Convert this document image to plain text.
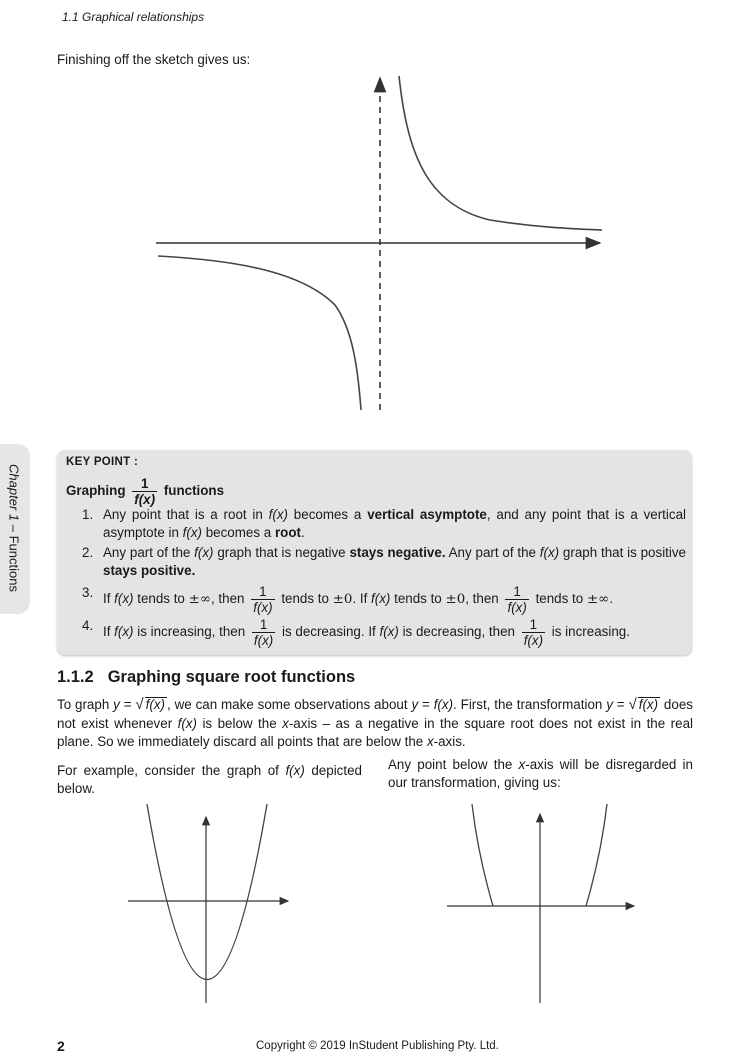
1.1 Graphical relationships
Finishing off the sketch gives us:
Chapter 1 – Functions
KEY POINT :
Graphing $\frac{1}{f(x)}$ functions
1. Any point that is a root in f(x) becomes a vertical asymptote, and any point that is a vertical asymptote in f(x) becomes a root.
2. Any part of the f(x) graph that is negative stays negative. Any part of the f(x) graph that is positive stays positive.
3. If f(x) tends to ±∞, then $\frac{1}{f(x)}$ tends to ±0. If f(x) tends to ±0, then $\frac{1}{f(x)}$ tends to ±∞.
4. If f(x) is increasing, then $\frac{1}{f(x)}$ is decreasing. If f(x) is decreasing, then $\frac{1}{f(x)}$ is increasing.
1.1.2 Graphing square root functions
To graph y = √ f(x) , we can make some observations about y = f(x). First, the transformation y = √ f(x) does not exist whenever f(x) is below the x-axis – as a negative in the square root does not exist in the real plane. So we immediately discard all points that are below the x-axis.
For example, consider the graph of f(x) depicted below.
Any point below the x-axis will be disregarded in our transformation, giving us:
2	Copyright © 2019 InStudent Publishing Pty. Ltd.
